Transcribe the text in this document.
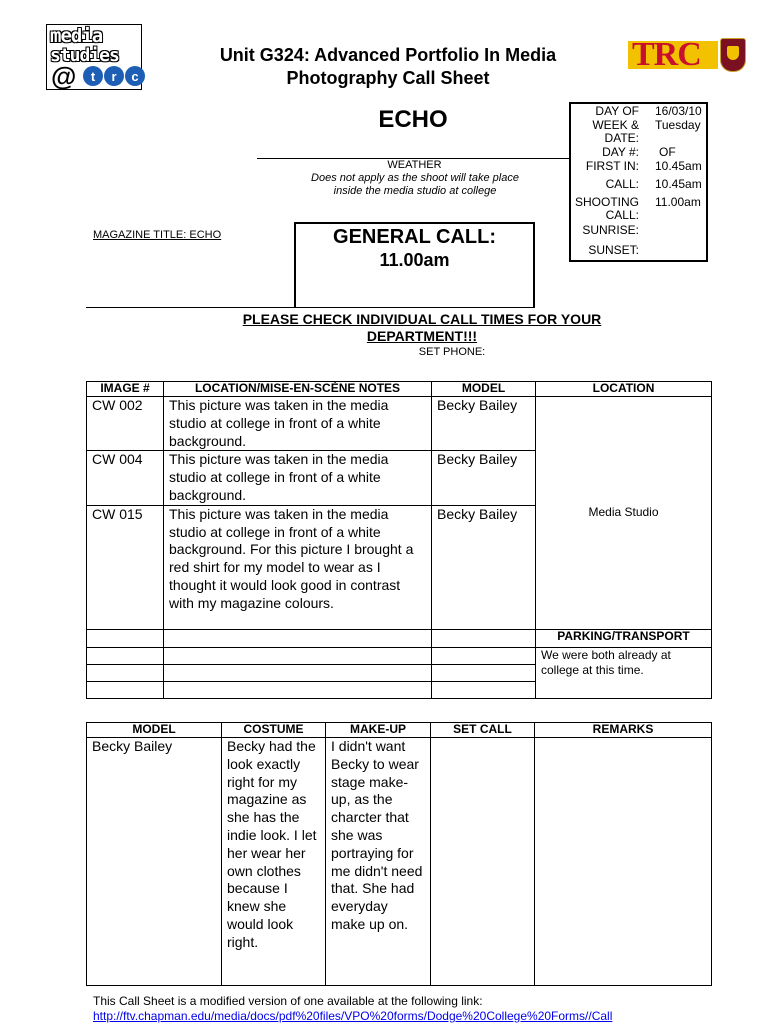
media
studies
@	t	r	c
Unit G324: Advanced Portfolio In Media
Photography Call Sheet
TRC
ECHO
WEATHER
Does not apply as the shoot will take place
inside the media studio at college
DAY OF 16/03/10
WEEK & Tuesday
DATE:
DAY #: OF
FIRST IN: 10.45am
CALL: 10.45am
SHOOTING 11.00am
CALL:
SUNRISE:
SUNSET:
MAGAZINE TITLE: ECHO	GENERAL CALL:
11.00am
PLEASE CHECK INDIVIDUAL CALL TIMES FOR YOUR
DEPARTMENT!!!
SET PHONE:
IMAGE #	LOCATION/MISE-EN-SCÈNE NOTES	MODEL	LOCATION
CW 002	This picture was taken in the media studio at college in front of a white background.	Becky Bailey	Media Studio
CW 004	This picture was taken in the media studio at college in front of a white background.	Becky Bailey	
CW 015	This picture was taken in the media studio at college in front of a white background. For this picture I brought a red shirt for my model to wear as I thought it would look good in contrast with my magazine colours.	Becky Bailey	
			PARKING/TRANSPORT
			We were both already at college at this time.

MODEL	COSTUME	MAKE-UP	SET CALL	REMARKS
Becky Bailey	Becky had the look exactly right for my magazine as she has the indie look. I let her wear her own clothes because I knew she would look right.	I didn't want Becky to wear stage make-up, as the charcter that she was portraying for me didn't need that. She had everyday make up on.		
This Call Sheet is a modified version of one available at the following link:
http://ftv.chapman.edu/media/docs/pdf%20files/VPO%20forms/Dodge%20College%20Forms//Call
